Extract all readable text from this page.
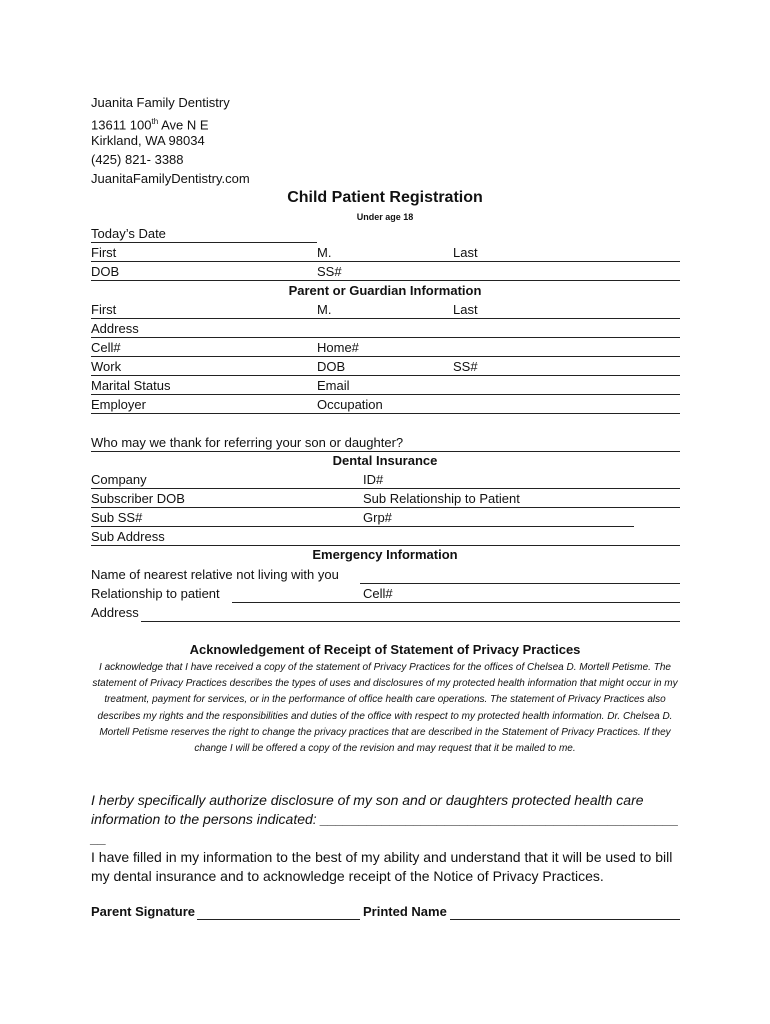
Juanita Family Dentistry
13611 100th Ave N E
Kirkland, WA 98034
(425) 821- 3388
JuanitaFamilyDentistry.com
Child Patient Registration
Under age 18
Today’s Date
First	M.	Last
DOB	SS#
Parent or Guardian Information
First	M.	Last
Address
Cell#	Home#
Work	DOB	SS#
Marital Status	Email
Employer	Occupation
Who may we thank for referring your son or daughter?
Dental Insurance
Company	ID#
Subscriber DOB	Sub Relationship to Patient
Sub SS#	Grp#
Sub Address
Emergency Information
Name of nearest relative not living with you
Relationship to patient	Cell#
Address
Acknowledgement of Receipt of Statement of Privacy Practices
I acknowledge that I have received a copy of the statement of Privacy Practices for the offices of Chelsea D. Mortell Petisme. The statement of Privacy Practices describes the types of uses and disclosures of my protected health information that might occur in my treatment, payment for services, or in the performance of office health care operations. The statement of Privacy Practices also describes my rights and the responsibilities and duties of the office with respect to my protected health information. Dr. Chelsea D. Mortell Petisme reserves the right to change the privacy practices that are described in the Statement of Privacy Practices. If they change I will be offered a copy of the revision and may request that it be mailed to me.
I herby specifically authorize disclosure of my son and or daughters protected health care information to the persons indicated: ______________________________________________ __
I have filled in my information to the best of my ability and understand that it will be used to bill my dental insurance and to acknowledge receipt of the Notice of Privacy Practices.
Parent Signature	Printed Name
